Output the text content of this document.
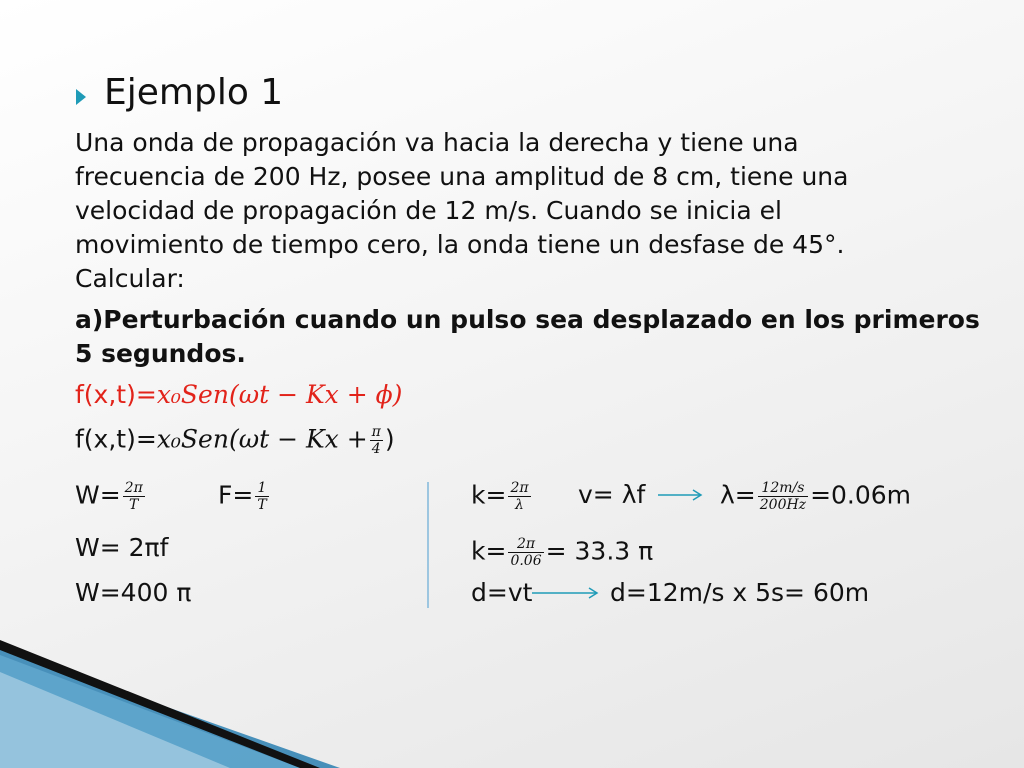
Ejemplo 1
Una onda de propagación va hacia la derecha y tiene una
frecuencia de 200 Hz, posee una amplitud de 8 cm, tiene una
velocidad de propagación de 12 m/s. Cuando se inicia el
movimiento de tiempo cero, la onda tiene un desfase de 45°.
Calcular:
a)Perturbación cuando un pulso sea desplazado en los primeros
5 segundos.
f(x,t)=𝑥₀𝑆𝑒𝑛(𝜔𝑡 − 𝐾𝑥 + 𝜙)
f(x,t)=𝑥₀𝑆𝑒𝑛(𝜔𝑡 − 𝐾𝑥 + $\frac{\pi}{4}$ )
$W= \frac{2\pi}{T}$	$F= \frac{1}{T}$
W= 2πf
W=400 π
$k= \frac{2\pi}{\lambda} v= \lambda f$	$\lambda= \frac{12m/s}{200Hz} =0.06m$
$k= \frac{2\pi}{0.06} = 33.3$ π
d=vt	d=12m/s x 5s= 60m
